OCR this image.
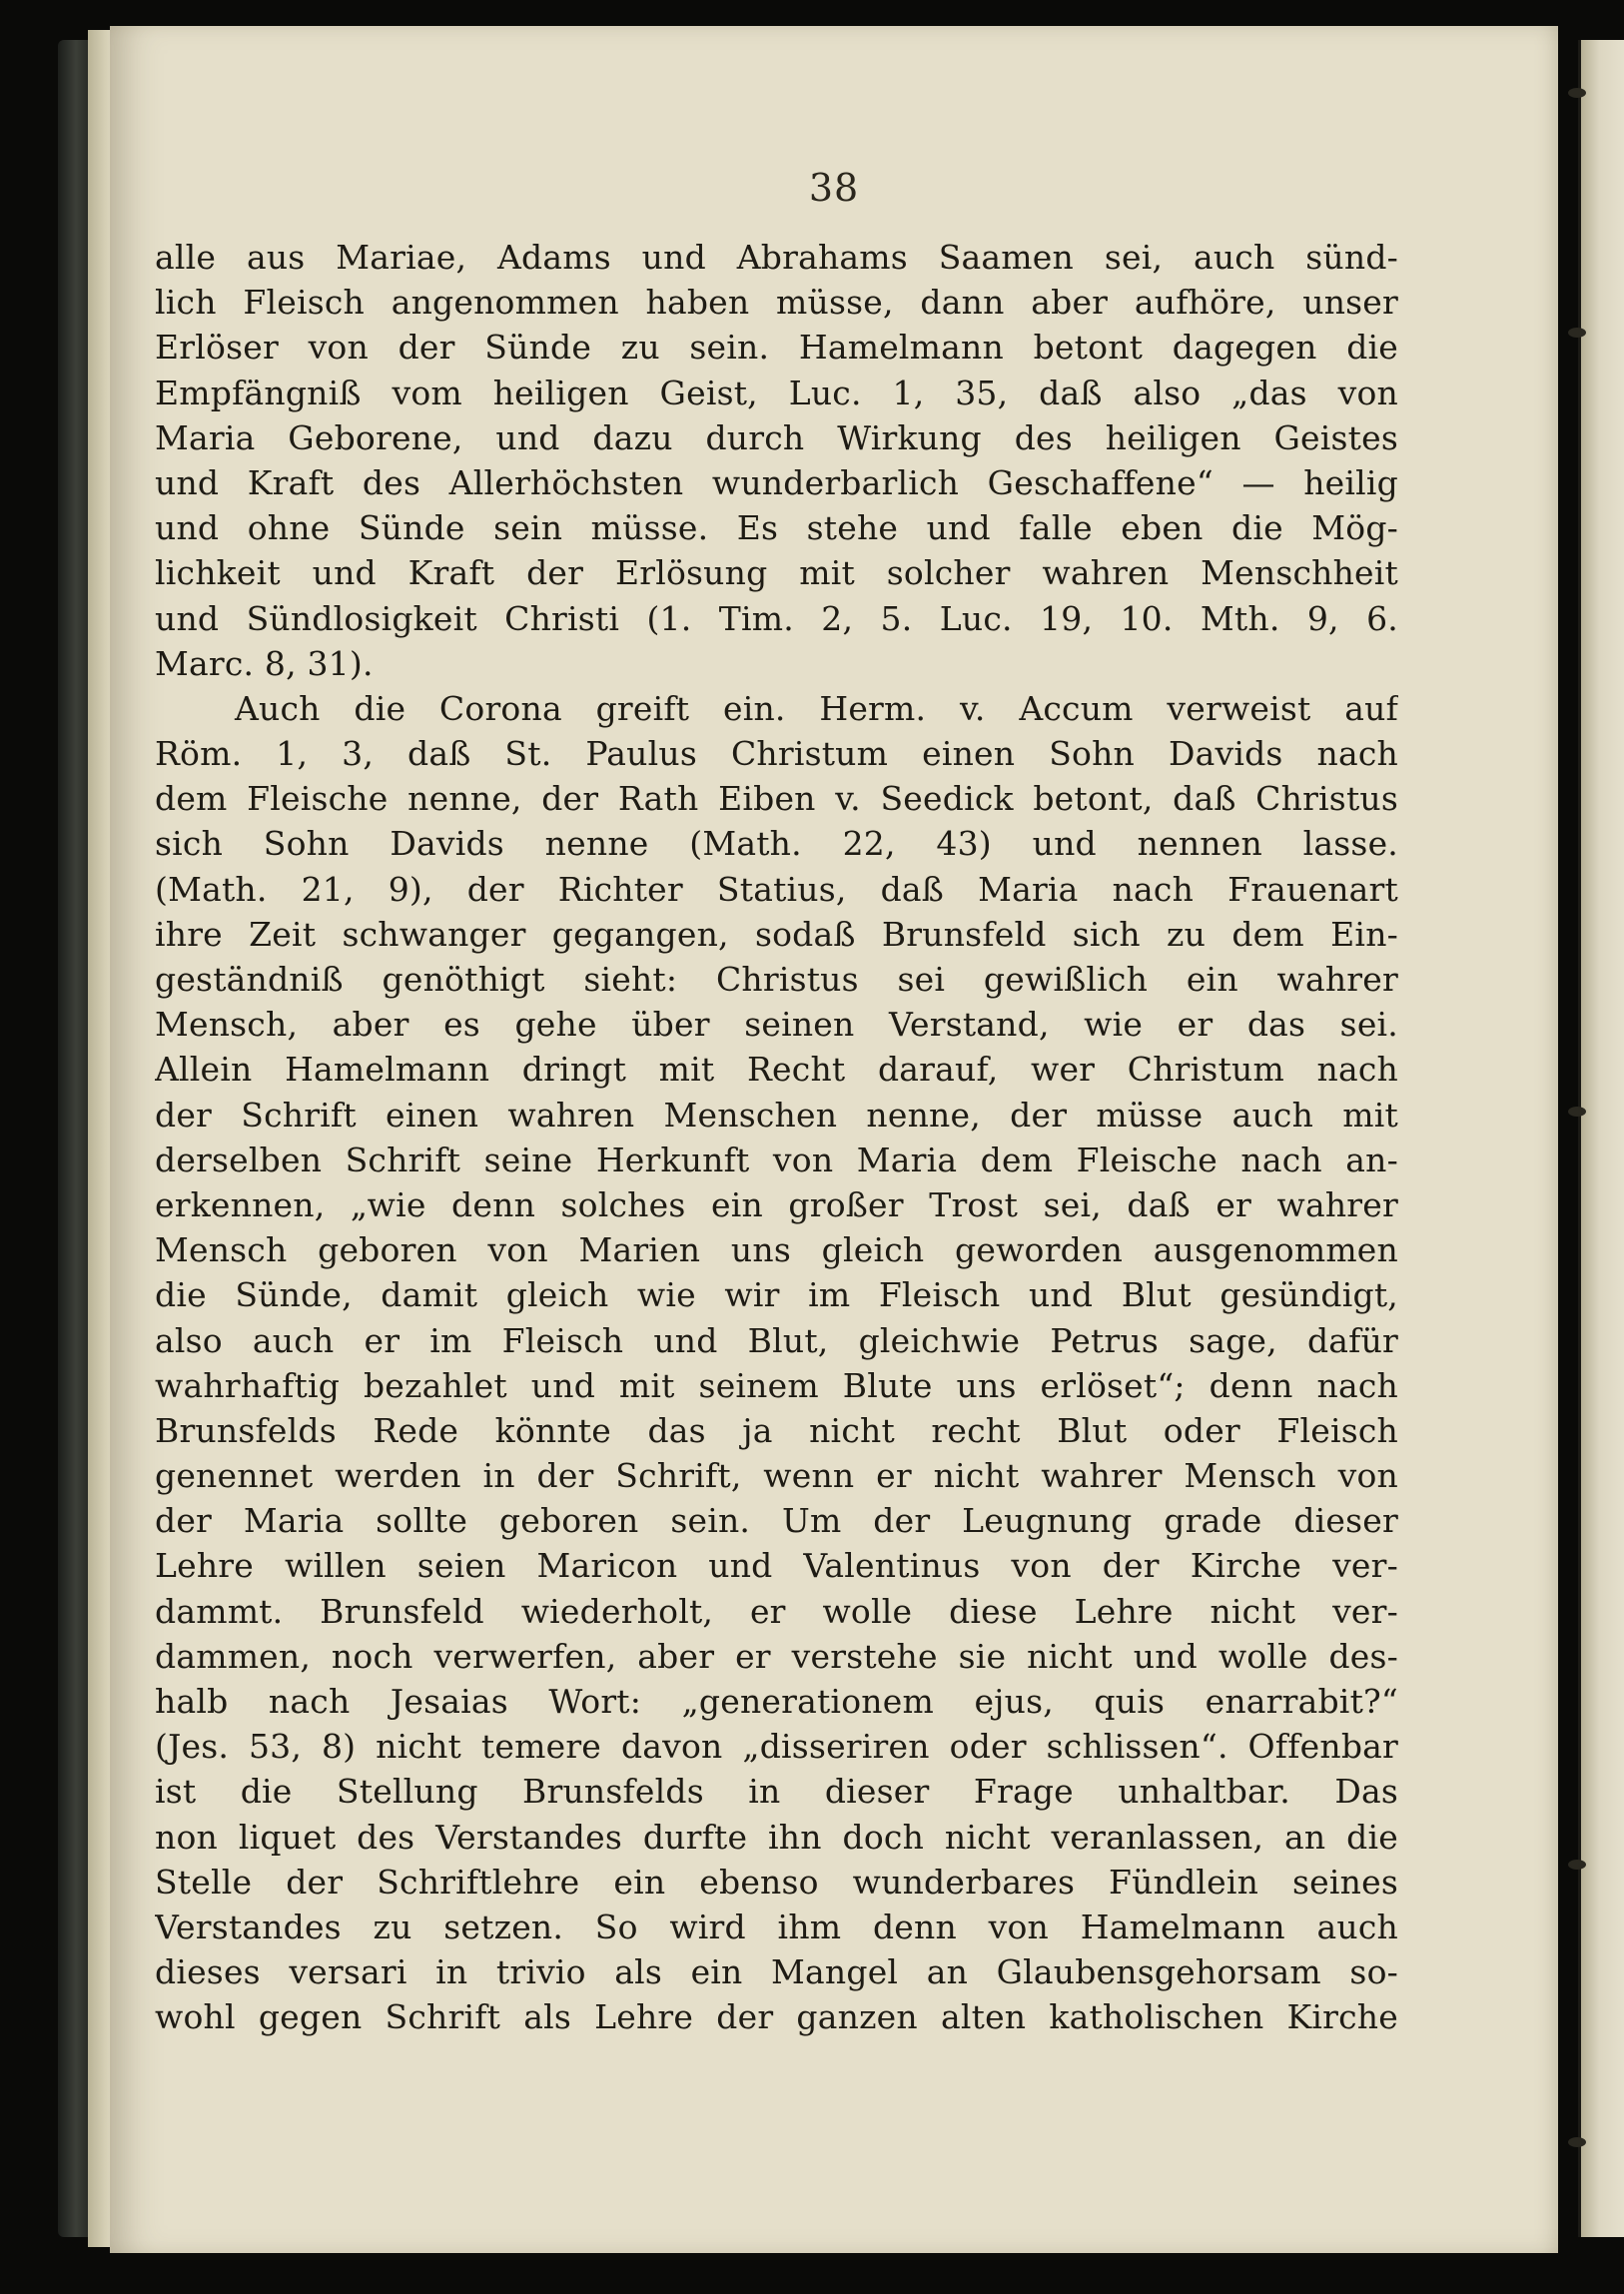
38
alle aus Mariae, Adams und Abrahams Saamen sei, auch sünd-
lich Fleisch angenommen haben müsse, dann aber aufhöre, unser
Erlöser von der Sünde zu sein. Hamelmann betont dagegen die
Empfängniß vom heiligen Geist, Luc. 1, 35, daß also „das von
Maria Geborene, und dazu durch Wirkung des heiligen Geistes
und Kraft des Allerhöchsten wunderbarlich Geschaffene“ — heilig
und ohne Sünde sein müsse. Es stehe und falle eben die Mög-
lichkeit und Kraft der Erlösung mit solcher wahren Menschheit
und Sündlosigkeit Christi (1. Tim. 2, 5. Luc. 19, 10. Mth. 9, 6.
Marc. 8, 31).
Auch die Corona greift ein. Herm. v. Accum verweist auf
Röm. 1, 3, daß St. Paulus Christum einen Sohn Davids nach
dem Fleische nenne, der Rath Eiben v. Seedick betont, daß Christus
sich Sohn Davids nenne (Math. 22, 43) und nennen lasse.
(Math. 21, 9), der Richter Statius, daß Maria nach Frauenart
ihre Zeit schwanger gegangen, sodaß Brunsfeld sich zu dem Ein-
geständniß genöthigt sieht: Christus sei gewißlich ein wahrer
Mensch, aber es gehe über seinen Verstand, wie er das sei.
Allein Hamelmann dringt mit Recht darauf, wer Christum nach
der Schrift einen wahren Menschen nenne, der müsse auch mit
derselben Schrift seine Herkunft von Maria dem Fleische nach an-
erkennen, „wie denn solches ein großer Trost sei, daß er wahrer
Mensch geboren von Marien uns gleich geworden ausgenommen
die Sünde, damit gleich wie wir im Fleisch und Blut gesündigt,
also auch er im Fleisch und Blut, gleichwie Petrus sage, dafür
wahrhaftig bezahlet und mit seinem Blute uns erlöset“; denn nach
Brunsfelds Rede könnte das ja nicht recht Blut oder Fleisch
genennet werden in der Schrift, wenn er nicht wahrer Mensch von
der Maria sollte geboren sein. Um der Leugnung grade dieser
Lehre willen seien Maricon und Valentinus von der Kirche ver-
dammt. Brunsfeld wiederholt, er wolle diese Lehre nicht ver-
dammen, noch verwerfen, aber er verstehe sie nicht und wolle des-
halb nach Jesaias Wort: „generationem ejus, quis enarrabit?“
(Jes. 53, 8) nicht temere davon „disseriren oder schlissen“. Offenbar
ist die Stellung Brunsfelds in dieser Frage unhaltbar. Das
non liquet des Verstandes durfte ihn doch nicht veranlassen, an die
Stelle der Schriftlehre ein ebenso wunderbares Fündlein seines
Verstandes zu setzen. So wird ihm denn von Hamelmann auch
dieses versari in trivio als ein Mangel an Glaubensgehorsam so-
wohl gegen Schrift als Lehre der ganzen alten katholischen Kirche
